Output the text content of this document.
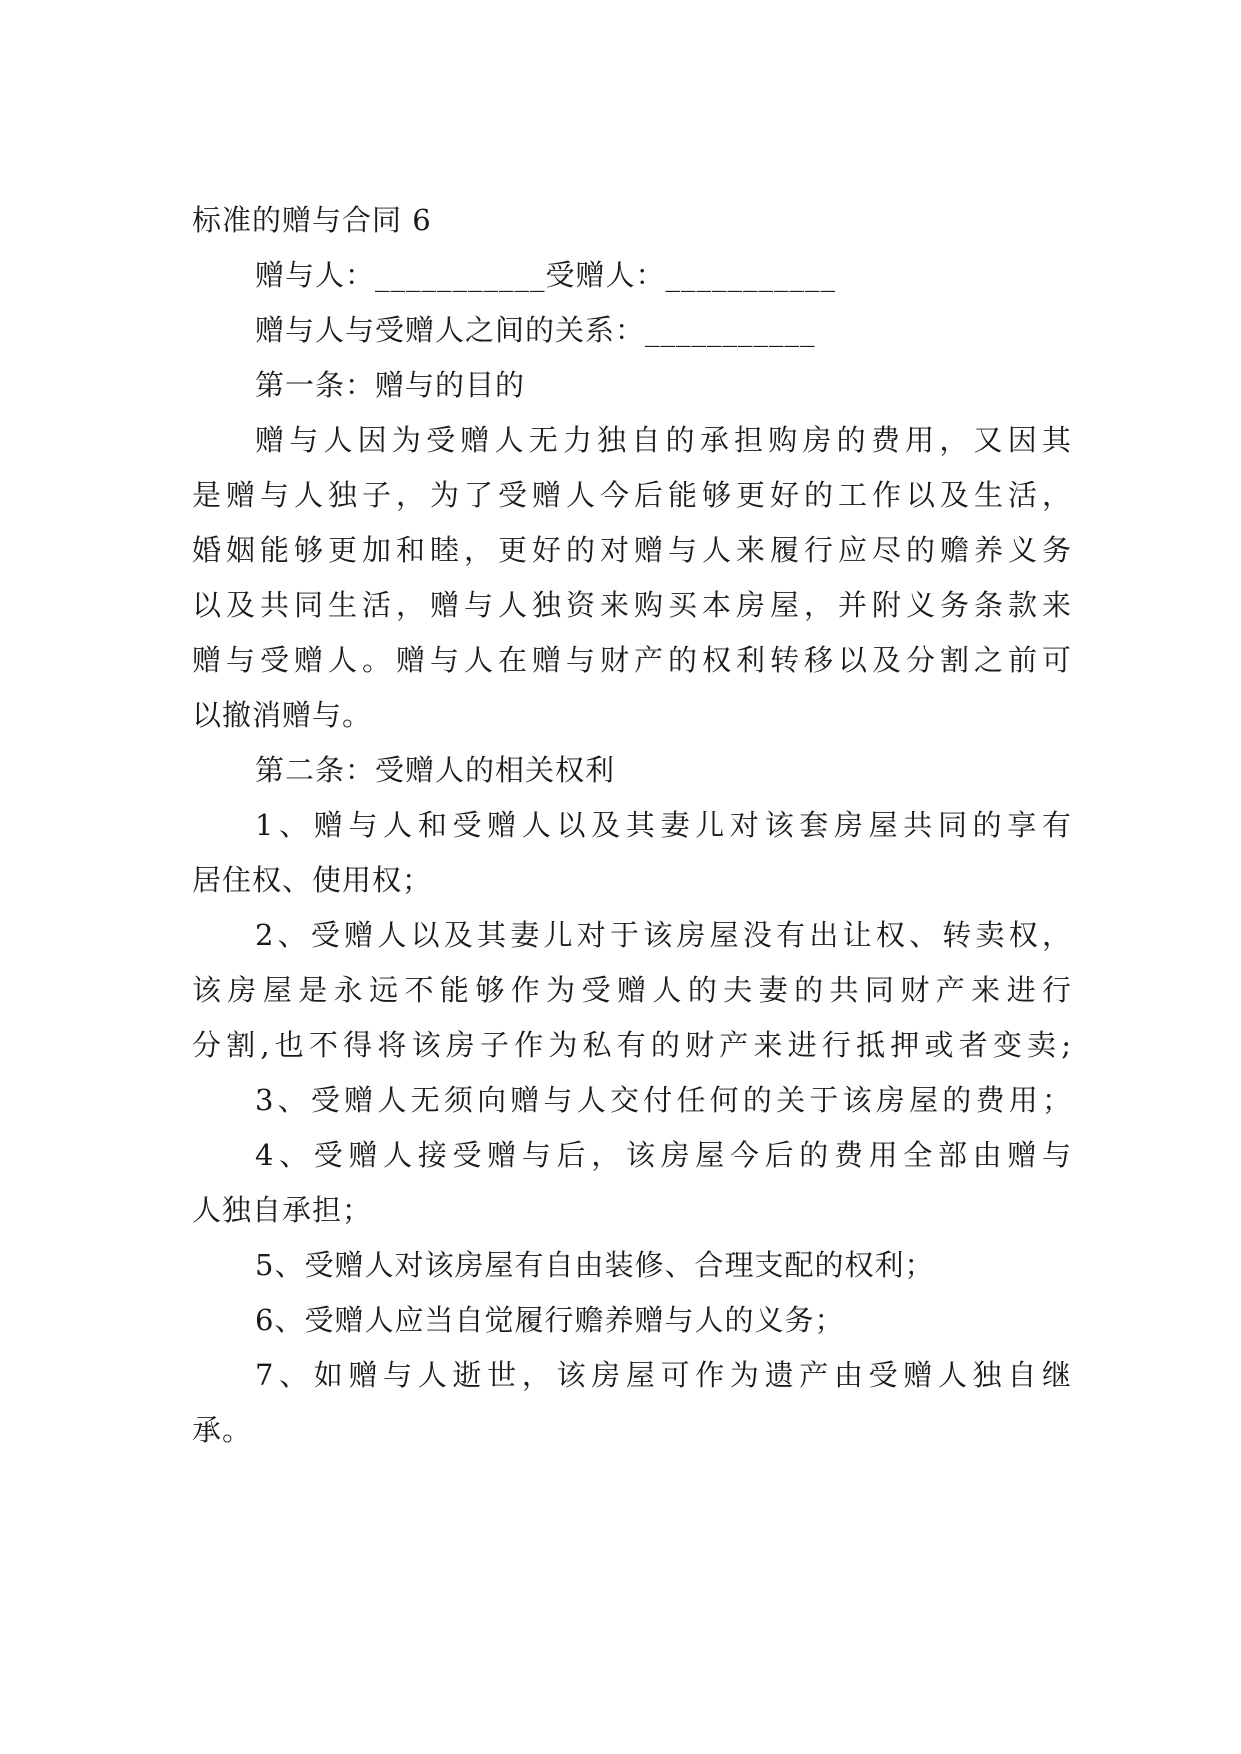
标准的赠与合同 6
赠与人：___________受赠人：___________
赠与人与受赠人之间的关系：___________
第一条：赠与的目的
赠与人因为受赠人无力独自的承担购房的费用，又因其
是赠与人独子，为了受赠人今后能够更好的工作以及生活，
婚姻能够更加和睦，更好的对赠与人来履行应尽的赡养义务
以及共同生活，赠与人独资来购买本房屋，并附义务条款来
赠与受赠人。赠与人在赠与财产的权利转移以及分割之前可
以撤消赠与。
第二条：受赠人的相关权利
1、赠与人和受赠人以及其妻儿对该套房屋共同的享有
居住权、使用权；
2、受赠人以及其妻儿对于该房屋没有出让权、转卖权，
该房屋是永远不能够作为受赠人的夫妻的共同财产来进行
分割,也不得将该房子作为私有的财产来进行抵押或者变卖;
3、受赠人无须向赠与人交付任何的关于该房屋的费用；
4、受赠人接受赠与后，该房屋今后的费用全部由赠与
人独自承担；
5、受赠人对该房屋有自由装修、合理支配的权利；
6、受赠人应当自觉履行赡养赠与人的义务；
7、如赠与人逝世，该房屋可作为遗产由受赠人独自继
承。
